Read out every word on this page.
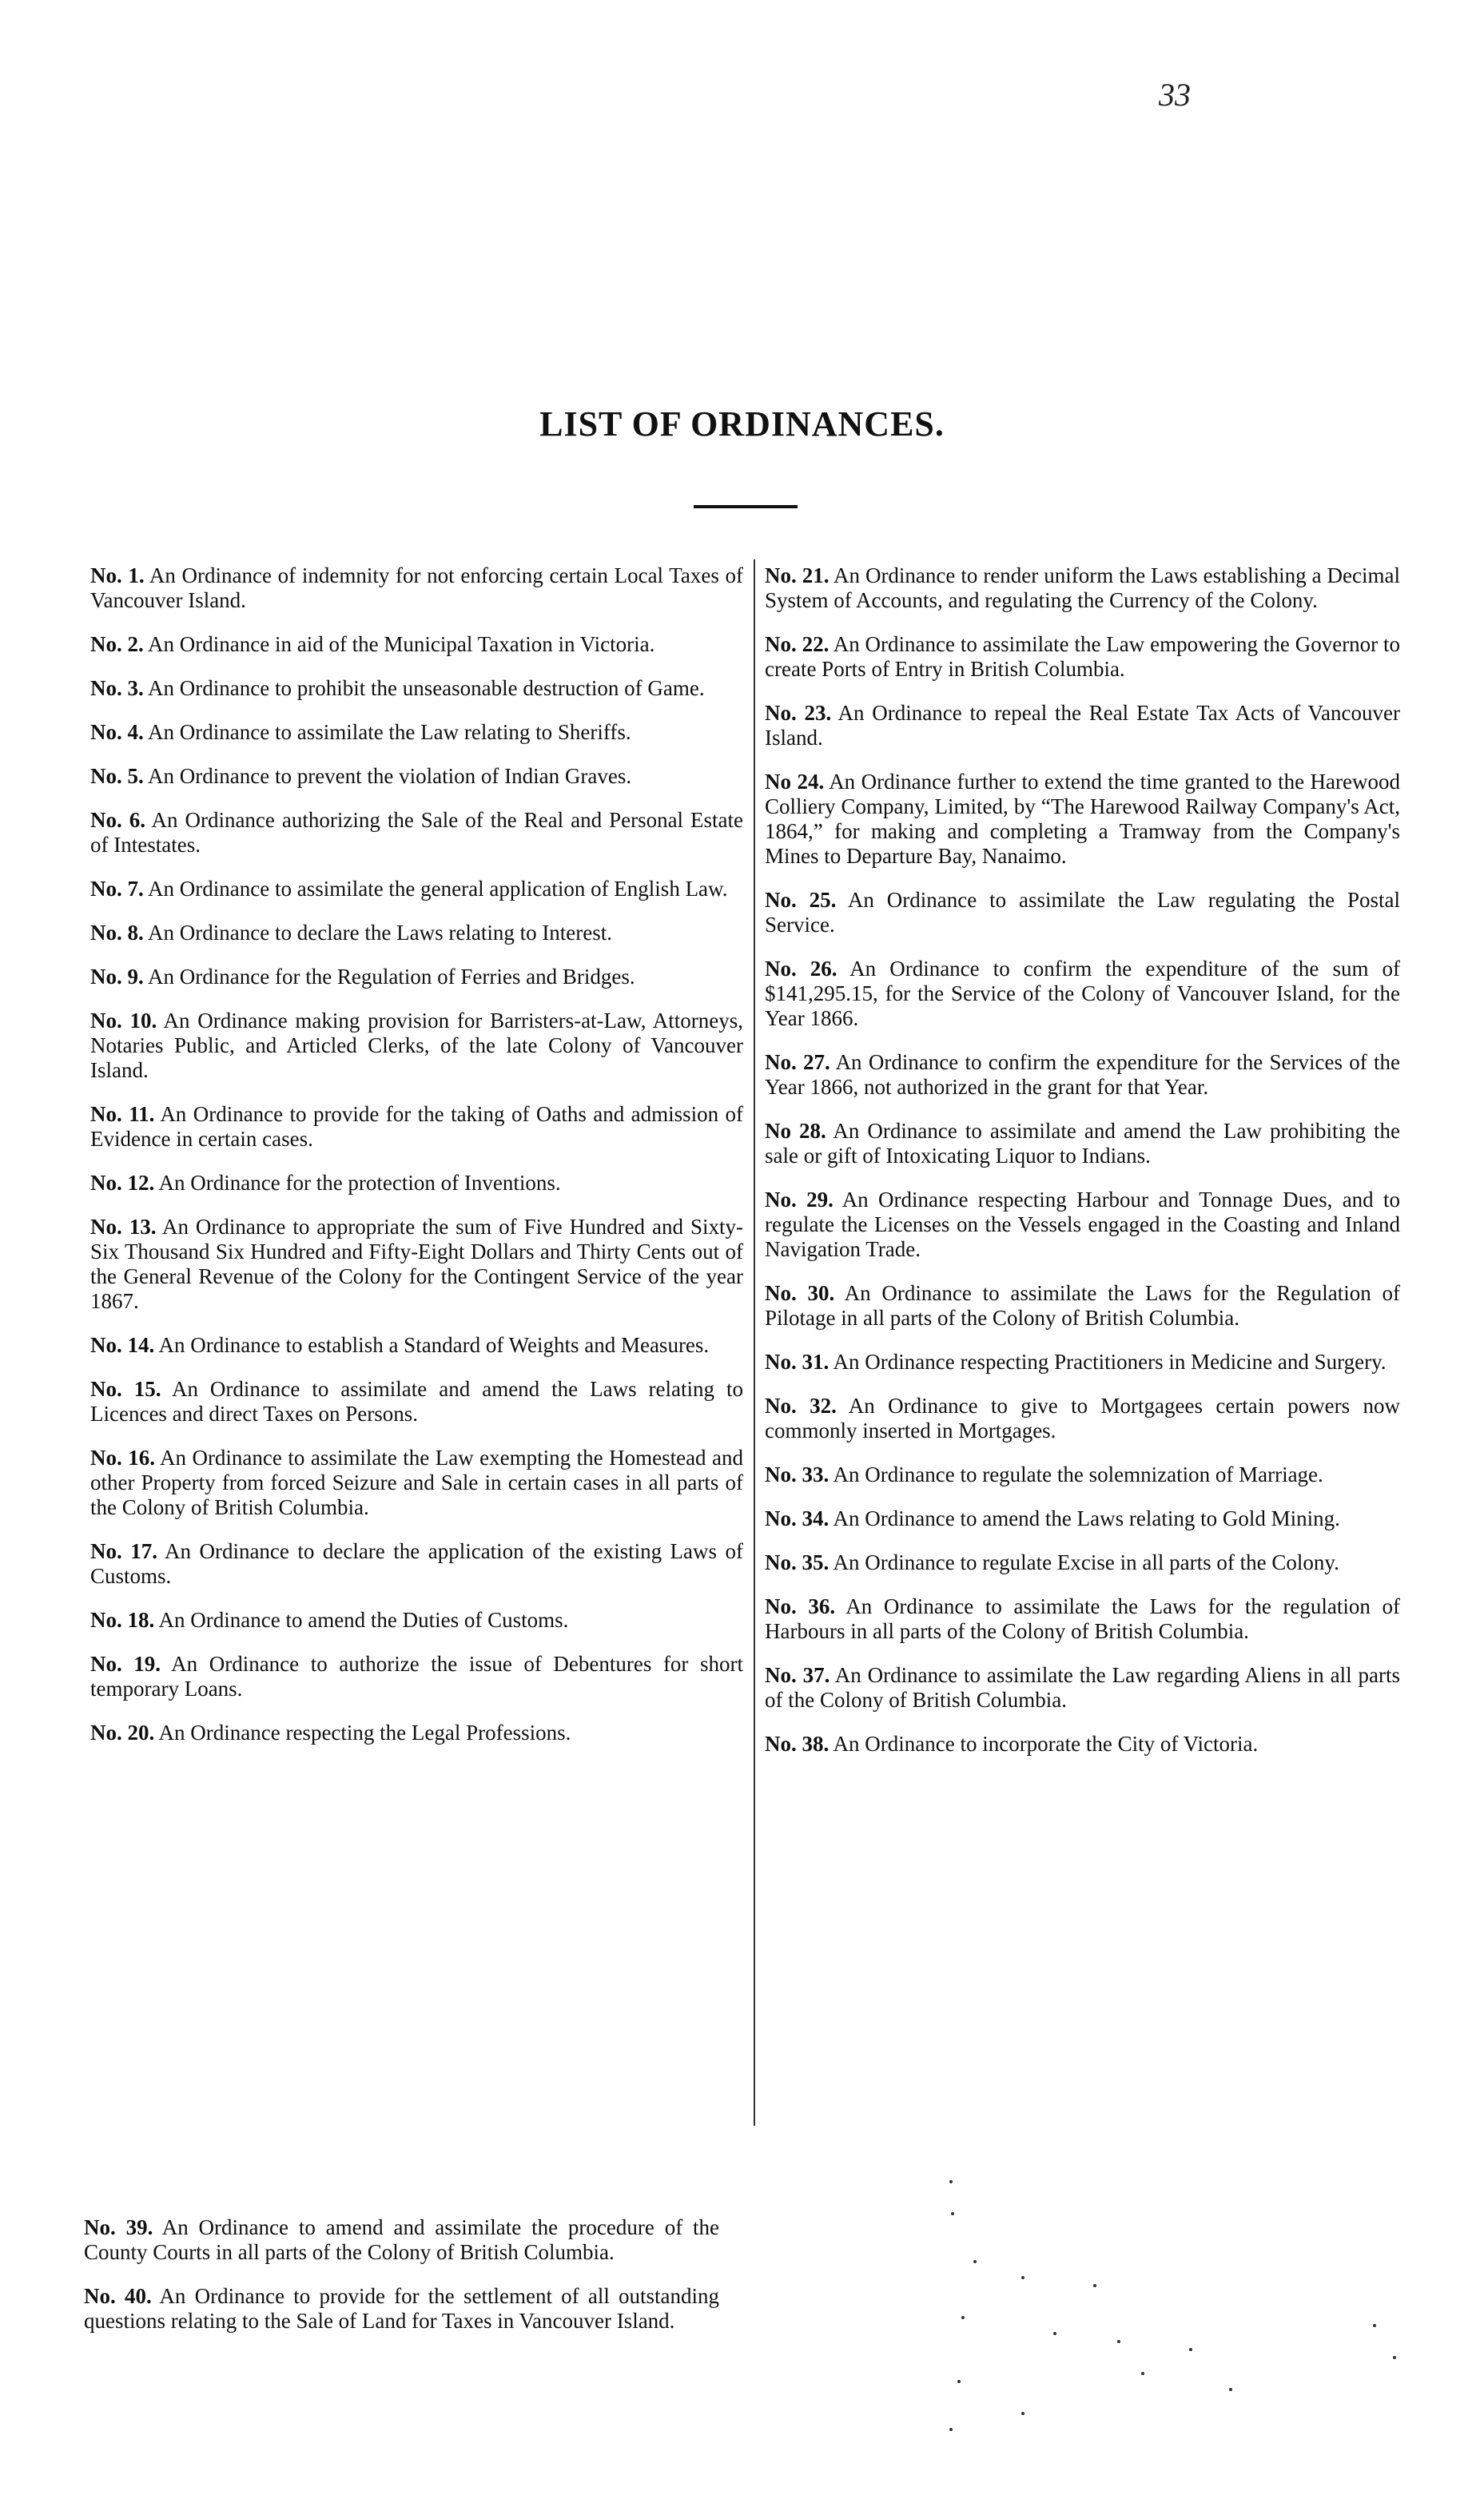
33
LIST OF ORDINANCES.

No. 1. An Ordinance of indemnity for not enforcing certain Local Taxes of Vancouver Island.

No. 2. An Ordinance in aid of the Municipal Taxation in Victoria.

No. 3. An Ordinance to prohibit the unseasonable destruction of Game.

No. 4. An Ordinance to assimilate the Law relating to Sheriffs.

No. 5. An Ordinance to prevent the violation of Indian Graves.

No. 6. An Ordinance authorizing the Sale of the Real and Personal Estate of Intestates.

No. 7. An Ordinance to assimilate the general application of English Law.

No. 8. An Ordinance to declare the Laws relating to Interest.

No. 9. An Ordinance for the Regulation of Ferries and Bridges.

No. 10. An Ordinance making provision for Barristers-at-Law, Attorneys, Notaries Public, and Articled Clerks, of the late Colony of Vancouver Island.

No. 11. An Ordinance to provide for the taking of Oaths and admission of Evidence in certain cases.

No. 12. An Ordinance for the protection of Inventions.

No. 13. An Ordinance to appropriate the sum of Five Hundred and Sixty-Six Thousand Six Hundred and Fifty-Eight Dollars and Thirty Cents out of the General Revenue of the Colony for the Contingent Service of the year 1867.

No. 14. An Ordinance to establish a Standard of Weights and Measures.

No. 15. An Ordinance to assimilate and amend the Laws relating to Licences and direct Taxes on Persons.

No. 16. An Ordinance to assimilate the Law exempting the Homestead and other Property from forced Seizure and Sale in certain cases in all parts of the Colony of British Columbia.

No. 17. An Ordinance to declare the application of the existing Laws of Customs.

No. 18. An Ordinance to amend the Duties of Customs.

No. 19. An Ordinance to authorize the issue of Debentures for short temporary Loans.

No. 20. An Ordinance respecting the Legal Professions.

No. 21. An Ordinance to render uniform the Laws establishing a Decimal System of Accounts, and regulating the Currency of the Colony.

No. 22. An Ordinance to assimilate the Law empowering the Governor to create Ports of Entry in British Columbia.

No. 23. An Ordinance to repeal the Real Estate Tax Acts of Vancouver Island.

No 24. An Ordinance further to extend the time granted to the Harewood Colliery Company, Limited, by “The Harewood Railway Company's Act, 1864,” for making and completing a Tramway from the Company's Mines to Departure Bay, Nanaimo.

No. 25. An Ordinance to assimilate the Law regulating the Postal Service.

No. 26. An Ordinance to confirm the expenditure of the sum of $141,295.15, for the Service of the Colony of Vancouver Island, for the Year 1866.

No. 27. An Ordinance to confirm the expenditure for the Services of the Year 1866, not authorized in the grant for that Year.

No 28. An Ordinance to assimilate and amend the Law prohibiting the sale or gift of Intoxicating Liquor to Indians.

No. 29. An Ordinance respecting Harbour and Tonnage Dues, and to regulate the Licenses on the Vessels engaged in the Coasting and Inland Navigation Trade.

No. 30. An Ordinance to assimilate the Laws for the Regulation of Pilotage in all parts of the Colony of British Columbia.

No. 31. An Ordinance respecting Practitioners in Medicine and Surgery.

No. 32. An Ordinance to give to Mortgagees certain powers now commonly inserted in Mortgages.

No. 33. An Ordinance to regulate the solemnization of Marriage.

No. 34. An Ordinance to amend the Laws relating to Gold Mining.

No. 35. An Ordinance to regulate Excise in all parts of the Colony.

No. 36. An Ordinance to assimilate the Laws for the regulation of Harbours in all parts of the Colony of British Columbia.

No. 37. An Ordinance to assimilate the Law regarding Aliens in all parts of the Colony of British Columbia.

No. 38. An Ordinance to incorporate the City of Victoria.

No. 39. An Ordinance to amend and assimilate the procedure of the County Courts in all parts of the Colony of British Columbia.

No. 40. An Ordinance to provide for the settlement of all outstanding questions relating to the Sale of Land for Taxes in Vancouver Island.
